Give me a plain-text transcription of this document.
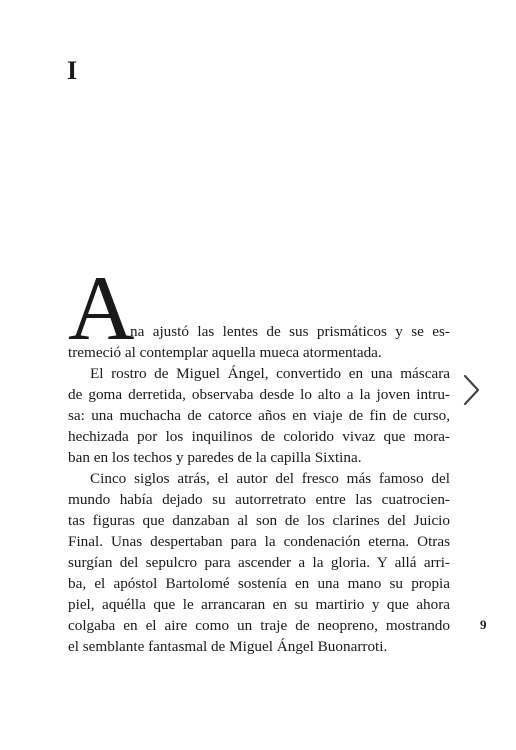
I
A
na ajustó las lentes de sus prismáticos y se es-
tremeció al contemplar aquella mueca atormentada.
El rostro de Miguel Ángel, convertido en una máscara
de goma derretida, observaba desde lo alto a la joven intru-
sa: una muchacha de catorce años en viaje de fin de curso,
hechizada por los inquilinos de colorido vivaz que mora-
ban en los techos y paredes de la capilla Sixtina.
Cinco siglos atrás, el autor del fresco más famoso del
mundo había dejado su autorretrato entre las cuatrocien-
tas figuras que danzaban al son de los clarines del Juicio
Final. Unas despertaban para la condenación eterna. Otras
surgían del sepulcro para ascender a la gloria. Y allá arri-
ba, el apóstol Bartolomé sostenía en una mano su propia
piel, aquélla que le arrancaran en su martirio y que ahora
colgaba en el aire como un traje de neopreno, mostrando
el semblante fantasmal de Miguel Ángel Buonarroti.
9
